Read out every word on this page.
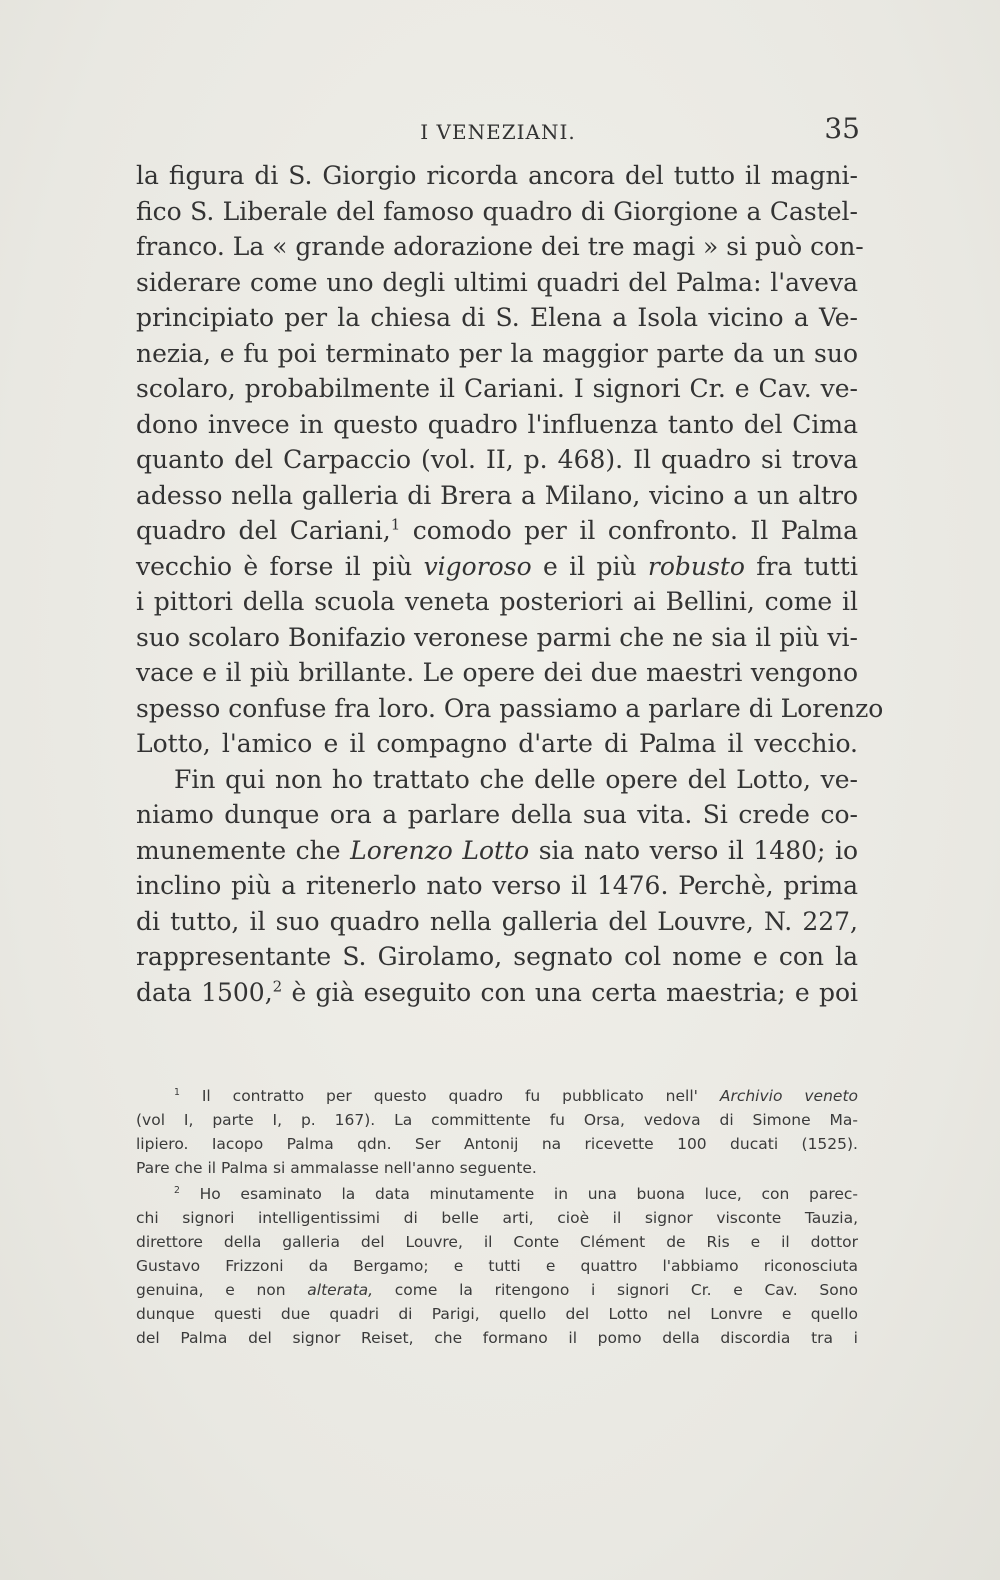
I VENEZIANI.	35
la figura di S. Giorgio ricorda ancora del tutto il magni-
fico S. Liberale del famoso quadro di Giorgione a Castel-
franco. La « grande adorazione dei tre magi » si può con-
siderare come uno degli ultimi quadri del Palma: l'aveva
principiato per la chiesa di S. Elena a Isola vicino a Ve-
nezia, e fu poi terminato per la maggior parte da un suo
scolaro, probabilmente il Cariani. I signori Cr. e Cav. ve-
dono invece in questo quadro l'influenza tanto del Cima
quanto del Carpaccio (vol. II, p. 468). Il quadro si trova
adesso nella galleria di Brera a Milano, vicino a un altro
quadro del Cariani,$^1$ comodo per il confronto. Il Palma
vecchio è forse il più vigoroso e il più robusto fra tutti
i pittori della scuola veneta posteriori ai Bellini, come il
suo scolaro Bonifazio veronese parmi che ne sia il più vi-
vace e il più brillante. Le opere dei due maestri vengono
spesso confuse fra loro. Ora passiamo a parlare di Lorenzo
Lotto, l'amico e il compagno d'arte di Palma il vecchio.
Fin qui non ho trattato che delle opere del Lotto, ve-
niamo dunque ora a parlare della sua vita. Si crede co-
munemente che Lorenzo Lotto sia nato verso il 1480; io
inclino più a ritenerlo nato verso il 1476. Perchè, prima
di tutto, il suo quadro nella galleria del Louvre, N. 227,
rappresentante S. Girolamo, segnato col nome e con la
data 1500,$^2$ è già eseguito con una certa maestria; e poi
$^1$ Il contratto per questo quadro fu pubblicato nell' Archivio veneto
(vol I, parte I, p. 167). La committente fu Orsa, vedova di Simone Ma-
lipiero. Iacopo Palma qdn. Ser Antonij na ricevette 100 ducati (1525).
Pare che il Palma si ammalasse nell'anno seguente.
$^2$ Ho esaminato la data minutamente in una buona luce, con parec-
chi signori intelligentissimi di belle arti, cioè il signor visconte Tauzia,
direttore della galleria del Louvre, il Conte Clément de Ris e il dottor
Gustavo Frizzoni da Bergamo; e tutti e quattro l'abbiamo riconosciuta
genuina, e non alterata, come la ritengono i signori Cr. e Cav. Sono
dunque questi due quadri di Parigi, quello del Lotto nel Lonvre e quello
del Palma del signor Reiset, che formano il pomo della discordia tra i
